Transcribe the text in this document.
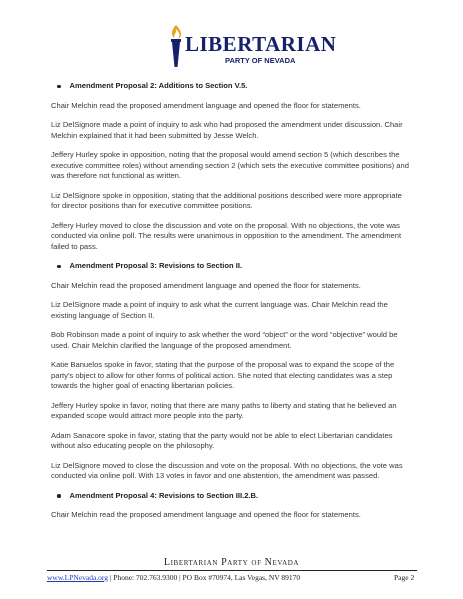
LIBERTARIAN
PARTY OF NEVADA
Amendment Proposal 2: Additions to Section V.5.
Chair Melchin read the proposed amendment language and opened the floor for statements.
Liz DelSignore made a point of inquiry to ask who had proposed the amendment under discussion. Chair Melchin explained that it had been submitted by Jesse Welch.
Jeffery Hurley spoke in opposition, noting that the proposal would amend section 5 (which describes the executive committee roles) without amending section 2 (which sets the executive committee positions) and was therefore not functional as written.
Liz DelSignore spoke in opposition, stating that the additional positions described were more appropriate for director positions than for executive committee positions.
Jeffery Hurley moved to close the discussion and vote on the proposal. With no objections, the vote was conducted via online poll. The results were unanimous in opposition to the amendment. The amendment failed to pass.
Amendment Proposal 3: Revisions to Section II.
Chair Melchin read the proposed amendment language and opened the floor for statements.
Liz DelSignore made a point of inquiry to ask what the current language was. Chair Melchin read the existing language of Section II.
Bob Robinson made a point of inquiry to ask whether the word “object” or the word “objective” would be used. Chair Melchin clarified the language of the proposed amendment.
Katie Banuelos spoke in favor, stating that the purpose of the proposal was to expand the scope of the party’s object to allow for other forms of political action. She noted that electing candidates was a step towards the higher goal of enacting libertarian policies.
Jeffery Hurley spoke in favor, noting that there are many paths to liberty and stating that he believed an expanded scope would attract more people into the party.
Adam Sanacore spoke in favor, stating that the party would not be able to elect Libertarian candidates without also educating people on the philosophy.
Liz DelSignore moved to close the discussion and vote on the proposal. With no objections, the vote was conducted via online poll. With 13 votes in favor and one abstention, the amendment was passed.
Amendment Proposal 4: Revisions to Section III.2.B.
Chair Melchin read the proposed amendment language and opened the floor for statements.
Libertarian Party of Nevada
www.LPNevada.org | Phone: 702.763.9300 | PO Box #70974, Las Vegas, NV 89170	Page 2
